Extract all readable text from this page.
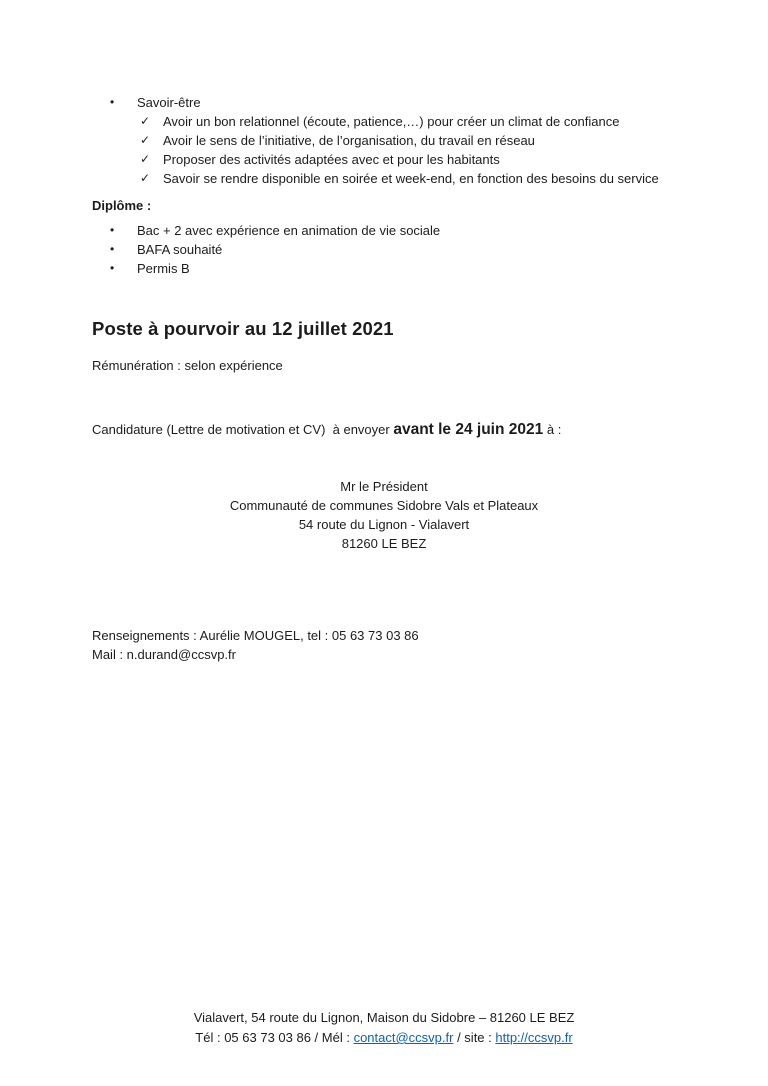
•	Savoir-être
✓ Avoir un bon relationnel (écoute, patience,…) pour créer un climat de confiance
✓ Avoir le sens de l’initiative, de l’organisation, du travail en réseau
✓ Proposer des activités adaptées avec et pour les habitants
✓ Savoir se rendre disponible en soirée et week-end, en fonction des besoins du service
Diplôme :
•	Bac + 2 avec expérience en animation de vie sociale
•	BAFA souhaité
•	Permis B
Poste à pourvoir au 12 juillet 2021
Rémunération : selon expérience
Candidature (Lettre de motivation et CV)  à envoyer avant le 24 juin 2021 à :
Mr le Président
Communauté de communes Sidobre Vals et Plateaux
54 route du Lignon - Vialavert
81260 LE BEZ
Renseignements : Aurélie MOUGEL, tel : 05 63 73 03 86
Mail : n.durand@ccsvp.fr
Vialavert, 54 route du Lignon, Maison du Sidobre – 81260 LE BEZ
Tél : 05 63 73 03 86 / Mél : contact@ccsvp.fr / site : http://ccsvp.fr
